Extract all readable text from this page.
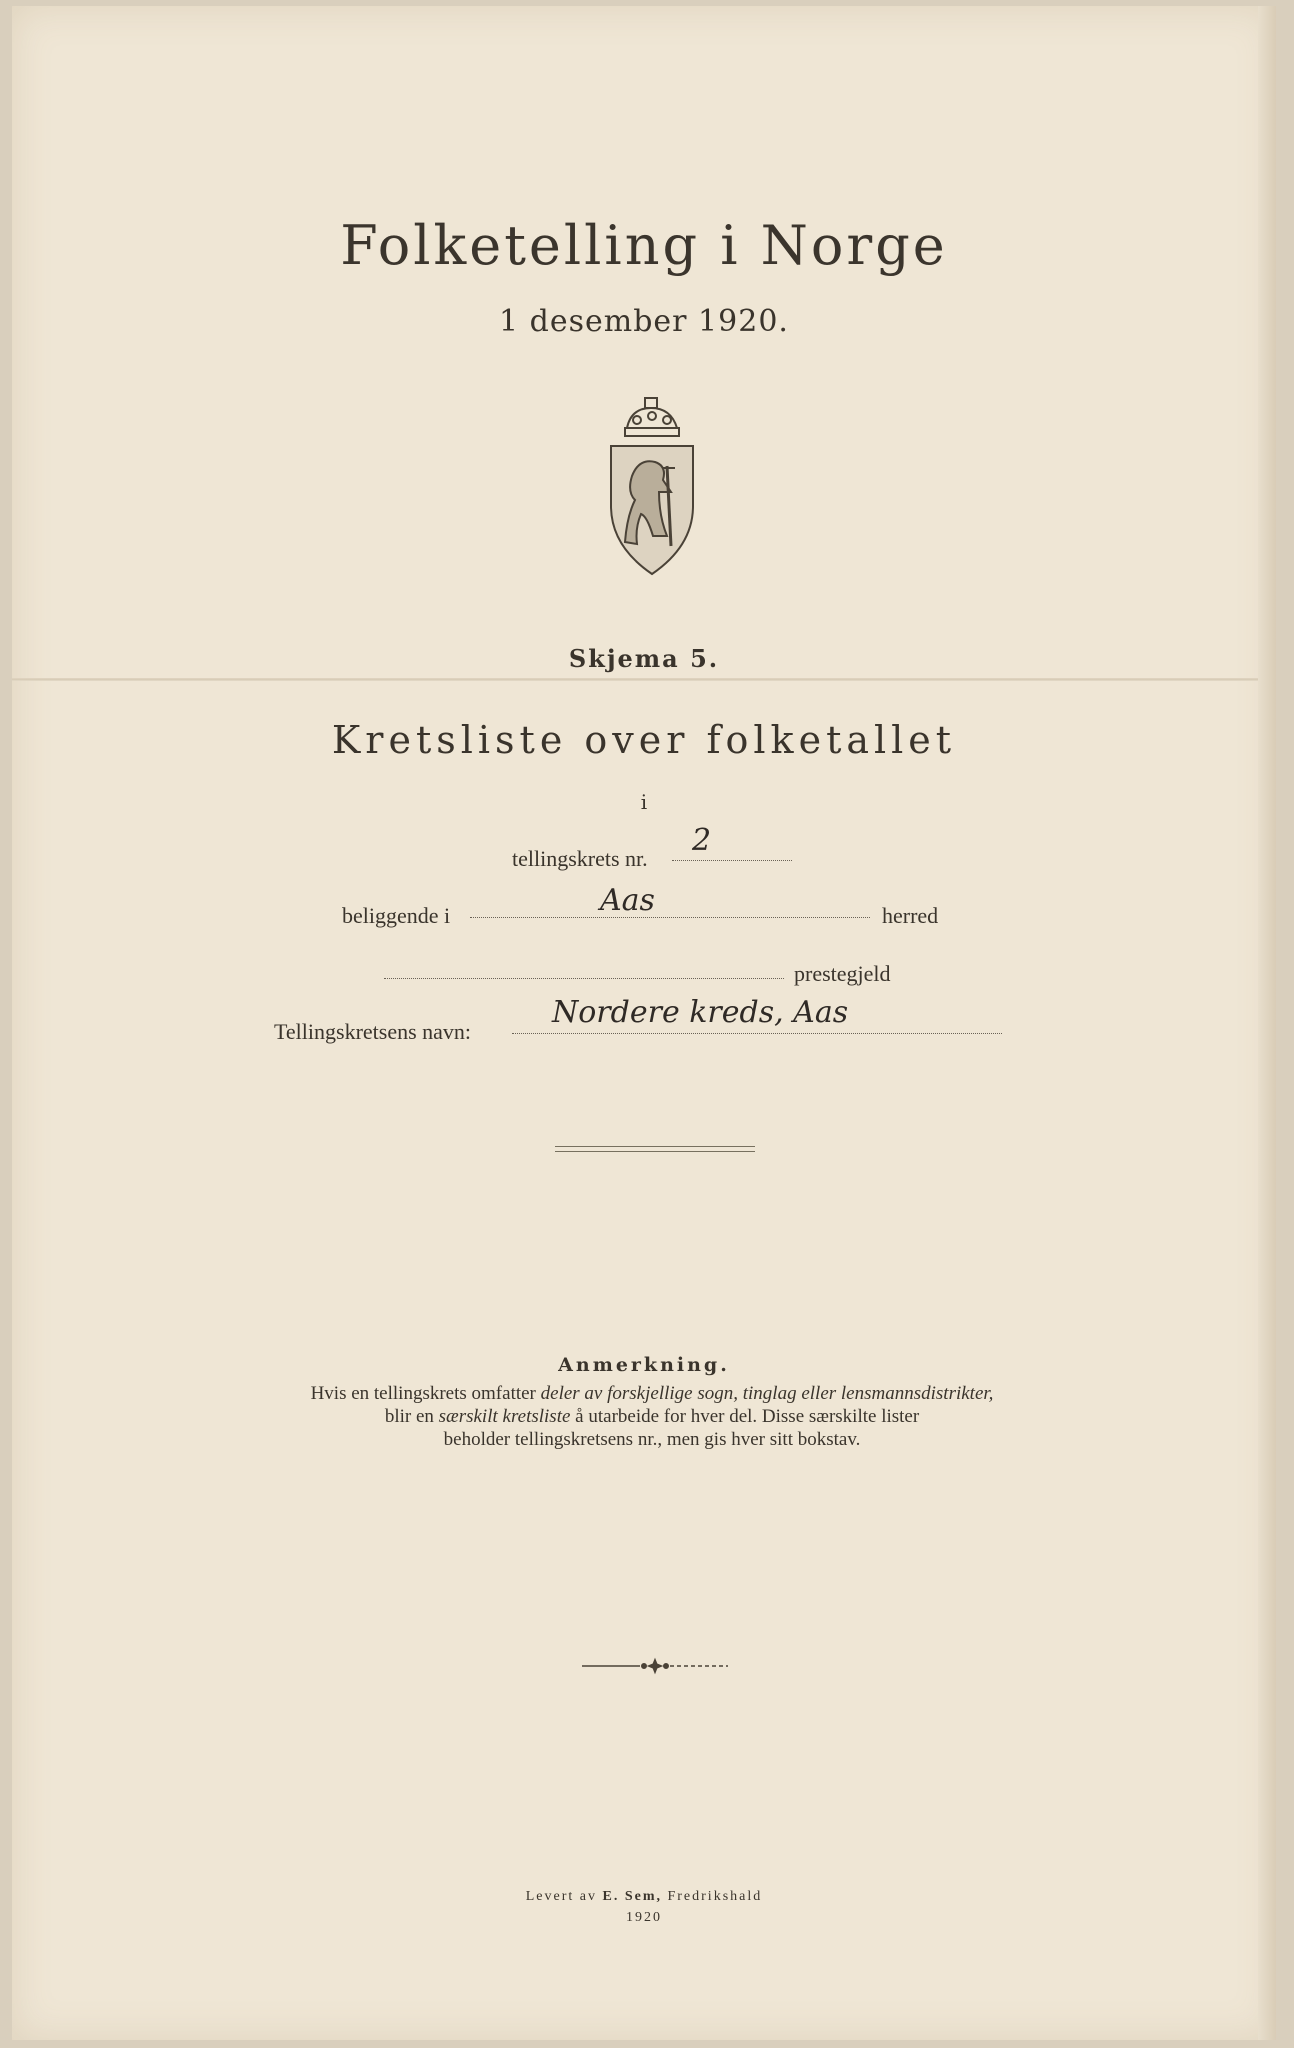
Folketelling i Norge
1 desember 1920.
Skjema 5.
Kretsliste over folketallet
i
tellingskrets nr.
2
beliggende i	Aas	herred
prestegjeld
Tellingskretsens navn:
Nordere kreds, Aas
Anmerkning.
Hvis en tellingskrets omfatter deler av forskjellige sogn, tinglag eller lensmannsdistrikter,
blir en særskilt kretsliste å utarbeide for hver del. Disse særskilte lister
beholder tellingskretsens nr., men gis hver sitt bokstav.
Levert av E. Sem, Fredrikshald
1920
